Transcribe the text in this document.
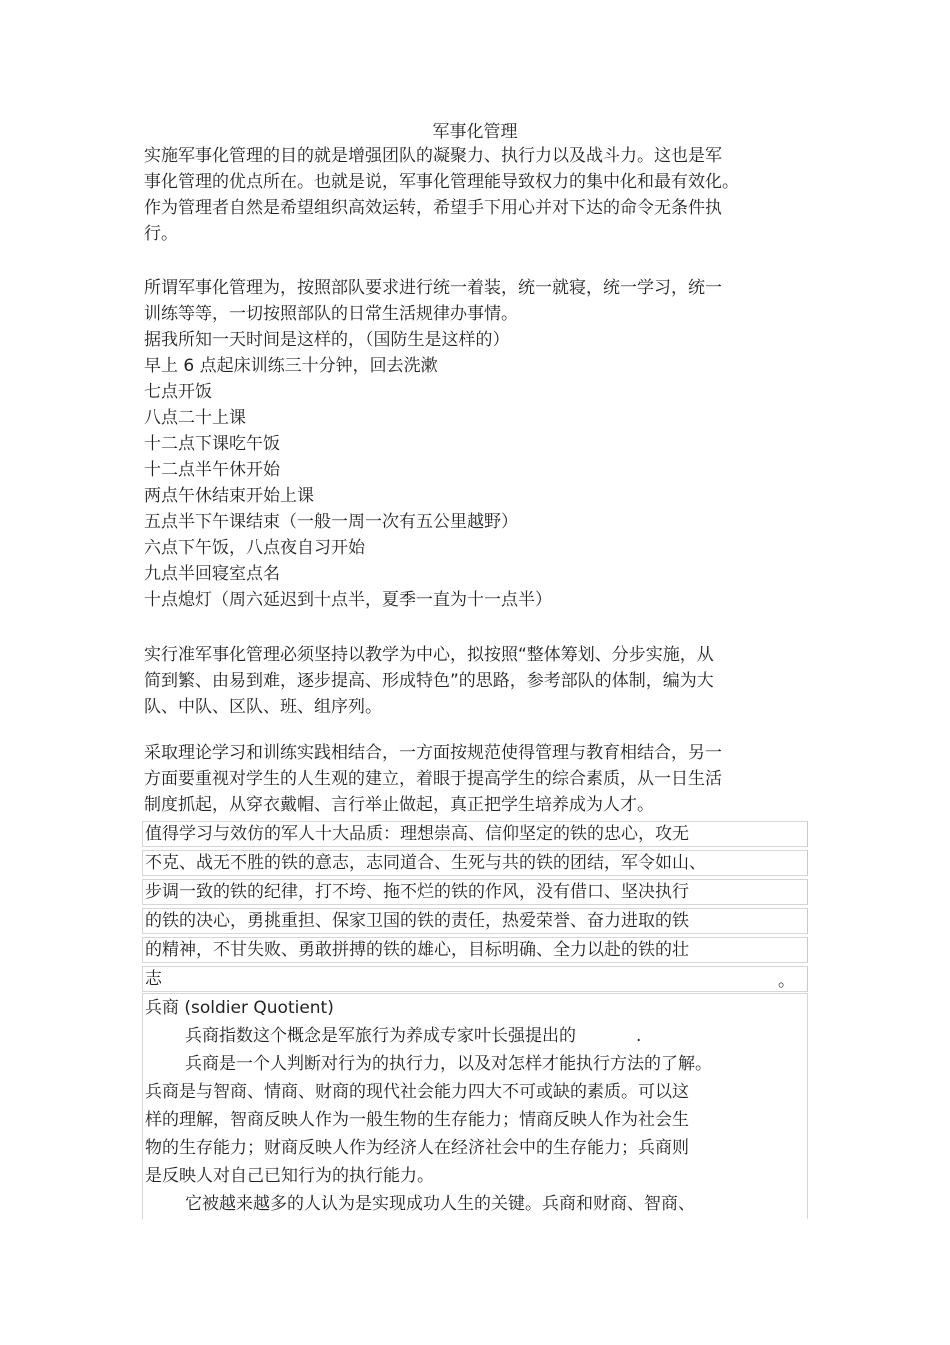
军事化管理

实施军事化管理的目的就是增强团队的凝聚力、执行力以及战斗力。这也是军

事化管理的优点所在。也就是说，军事化管理能导致权力的集中化和最有效化。

作为管理者自然是希望组织高效运转，希望手下用心并对下达的命令无条件执

行。

所谓军事化管理为，按照部队要求进行统一着装，统一就寝，统一学习，统一

训练等等，一切按照部队的日常生活规律办事情。

据我所知一天时间是这样的，（国防生是这样的）

早上 6 点起床训练三十分钟，回去洗漱

七点开饭

八点二十上课

十二点下课吃午饭

十二点半午休开始

两点午休结束开始上课

五点半下午课结束（一般一周一次有五公里越野）

六点下午饭，八点夜自习开始

九点半回寝室点名

十点熄灯（周六延迟到十点半，夏季一直为十一点半）

实行准军事化管理必须坚持以教学为中心，拟按照“整体筹划、分步实施，从

简到繁、由易到难，逐步提高、形成特色”的思路，参考部队的体制，编为大

队、中队、区队、班、组序列。

采取理论学习和训练实践相结合，一方面按规范使得管理与教育相结合，另一

方面要重视对学生的人生观的建立，着眼于提高学生的综合素质，从一日生活

制度抓起，从穿衣戴帽、言行举止做起，真正把学生培养成为人才。

值得学习与效仿的军人十大品质：理想崇高、信仰坚定的铁的忠心，攻无
不克、战无不胜的铁的意志，志同道合、生死与共的铁的团结，军令如山、
步调一致的铁的纪律，打不垮、拖不烂的铁的作风，没有借口、坚决执行
的铁的决心，勇挑重担、保家卫国的铁的责任，热爱荣誉、奋力进取的铁
的精神，不甘失败、勇敢拼搏的铁的雄心，目标明确、全力以赴的铁的壮
志	。

兵商 (soldier Quotient)

兵商指数这个概念是军旅行为养成专家叶长强提出的	.

兵商是一个人判断对行为的执行力，以及对怎样才能执行方法的了解。

兵商是与智商、情商、财商的现代社会能力四大不可或缺的素质。可以这

样的理解，智商反映人作为一般生物的生存能力；情商反映人作为社会生

物的生存能力；财商反映人作为经济人在经济社会中的生存能力；兵商则

是反映人对自己已知行为的执行能力。

它被越来越多的人认为是实现成功人生的关键。兵商和财商、智商、
